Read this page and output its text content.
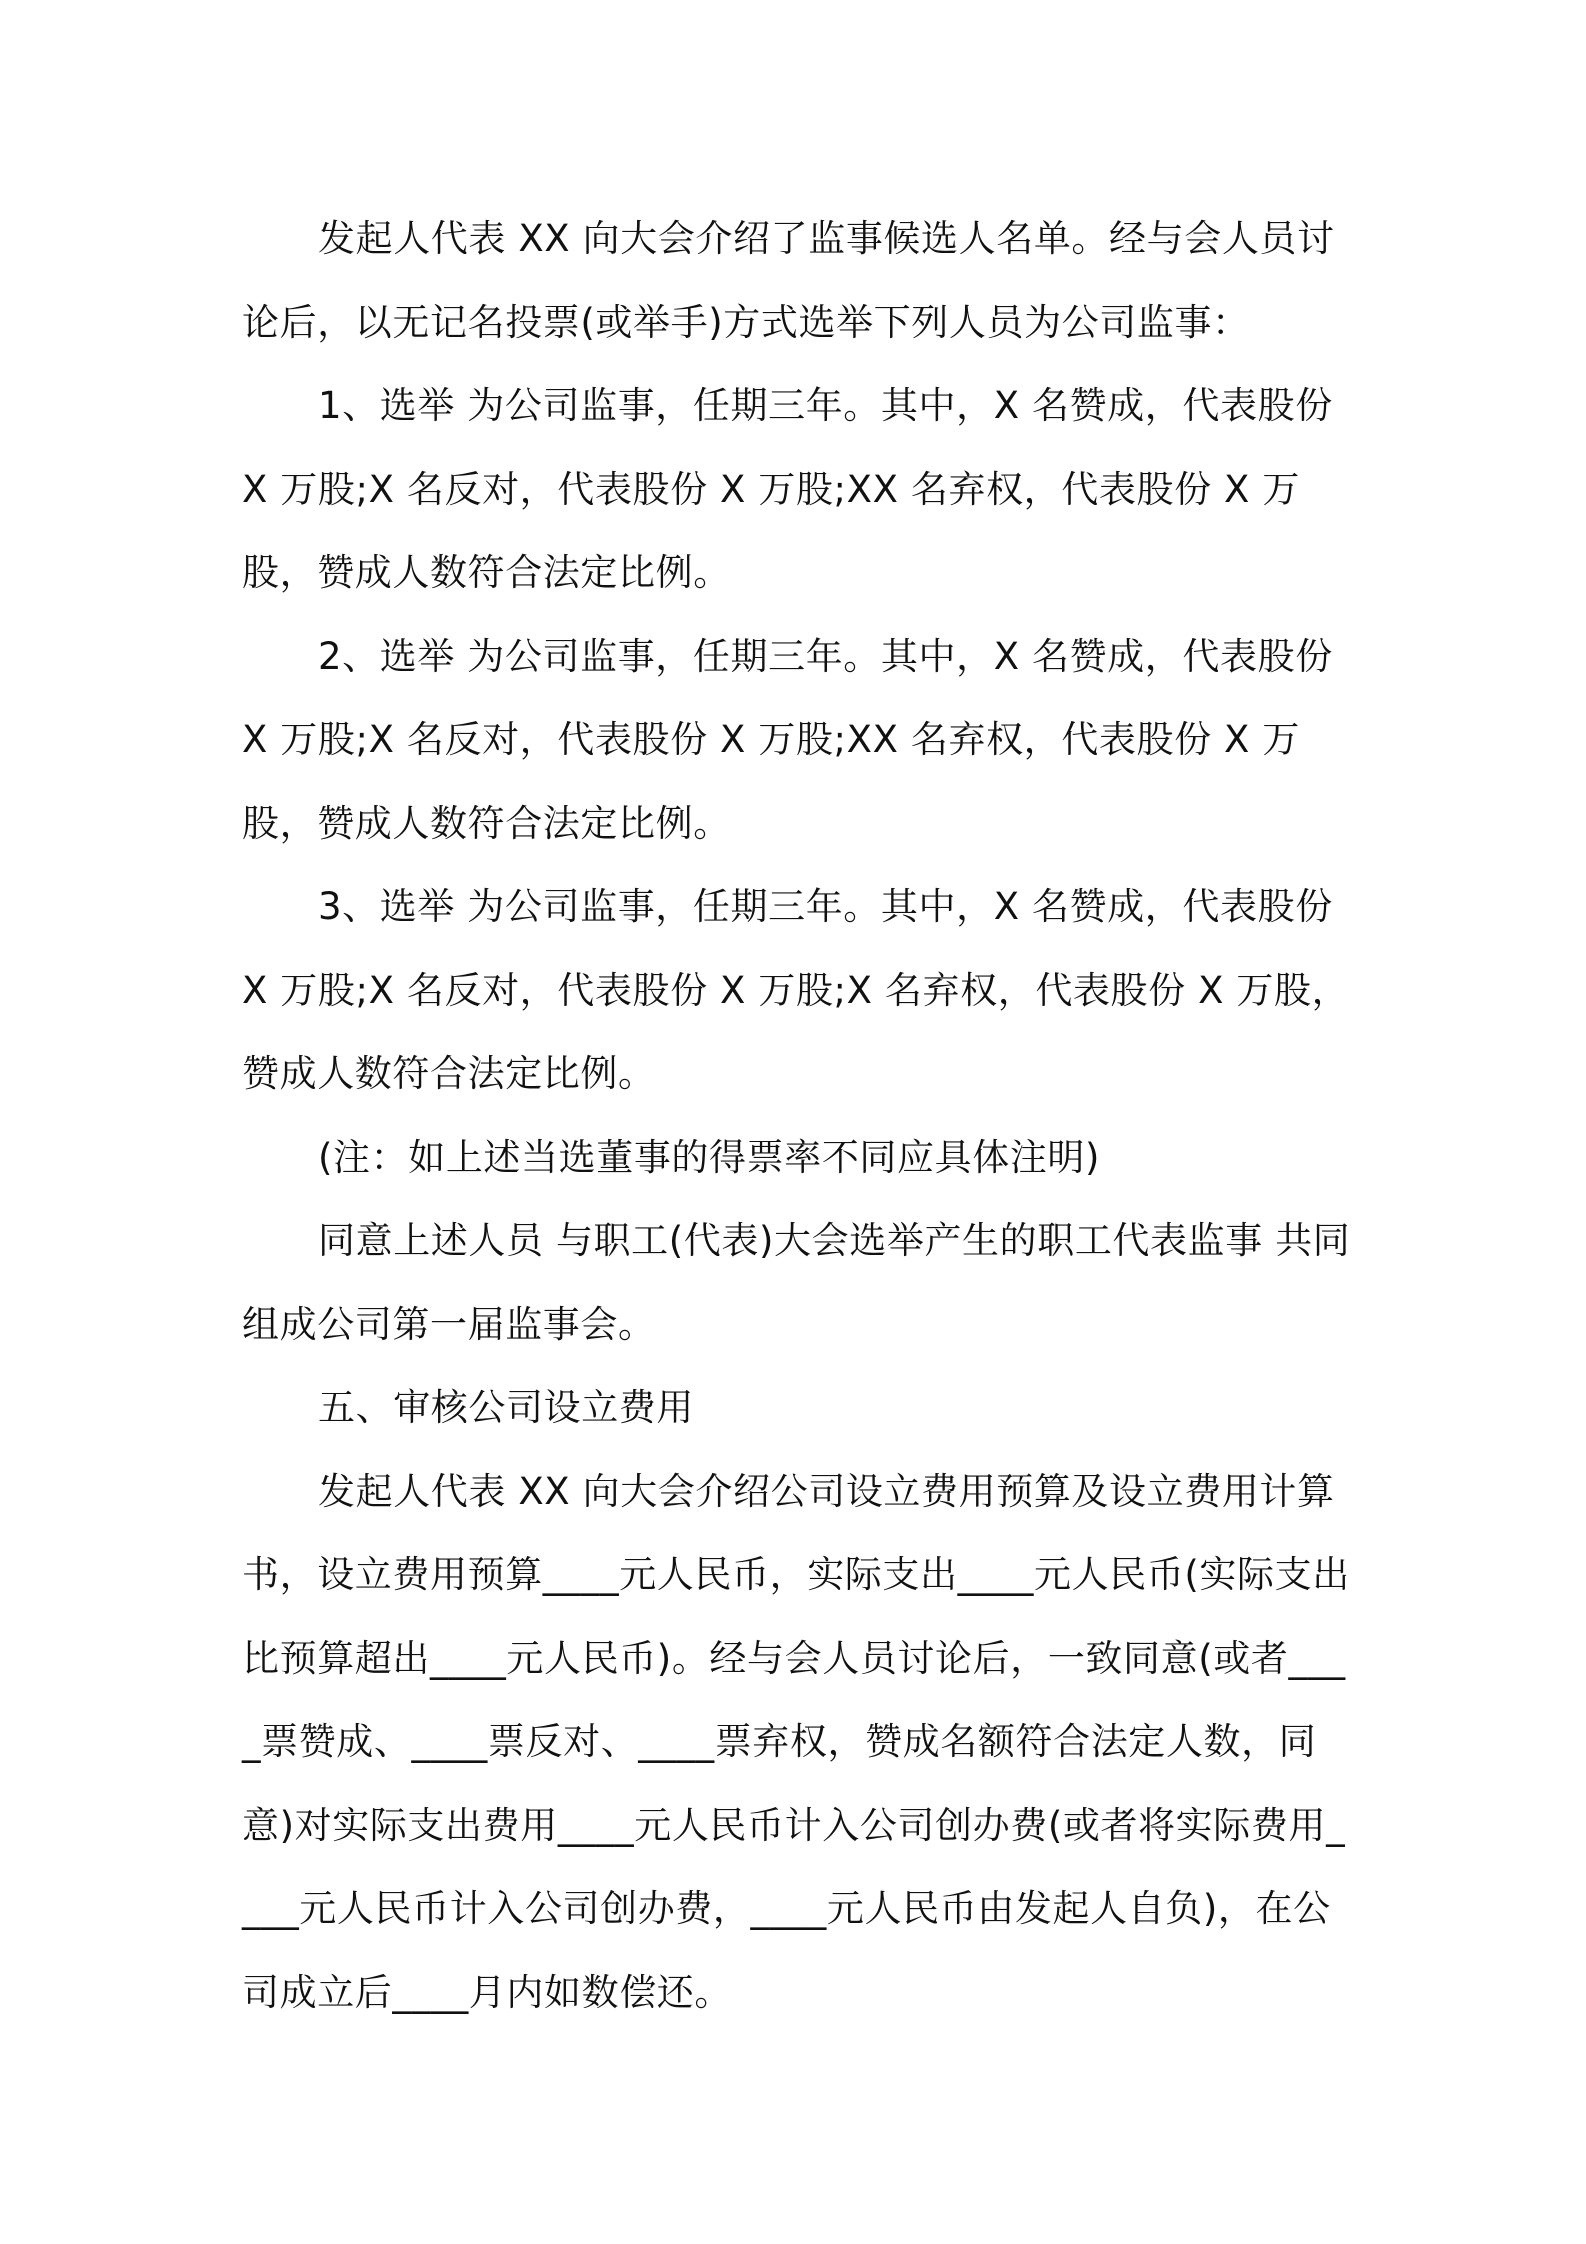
发起人代表 XX 向大会介绍了监事候选人名单。经与会人员讨论后，以无记名投票(或举手)方式选举下列人员为公司监事：

1、选举 为公司监事，任期三年。其中，X 名赞成，代表股份 X 万股;X 名反对，代表股份 X 万股;XX 名弃权，代表股份 X 万股，赞成人数符合法定比例。

2、选举 为公司监事，任期三年。其中，X 名赞成，代表股份 X 万股;X 名反对，代表股份 X 万股;XX 名弃权，代表股份 X 万股，赞成人数符合法定比例。

3、选举 为公司监事，任期三年。其中，X 名赞成，代表股份 X 万股;X 名反对，代表股份 X 万股;X 名弃权，代表股份 X 万股，赞成人数符合法定比例。

(注：如上述当选董事的得票率不同应具体注明)

同意上述人员 与职工(代表)大会选举产生的职工代表监事 共同组成公司第一届监事会。

五、审核公司设立费用

发起人代表 XX 向大会介绍公司设立费用预算及设立费用计算书，设立费用预算____元人民币，实际支出____元人民币(实际支出比预算超出____元人民币)。经与会人员讨论后，一致同意(或者____票赞成、____票反对、____票弃权，赞成名额符合法定人数，同意)对实际支出费用____元人民币计入公司创办费(或者将实际费用____元人民币计入公司创办费，____元人民币由发起人自负)，在公司成立后____月内如数偿还。
